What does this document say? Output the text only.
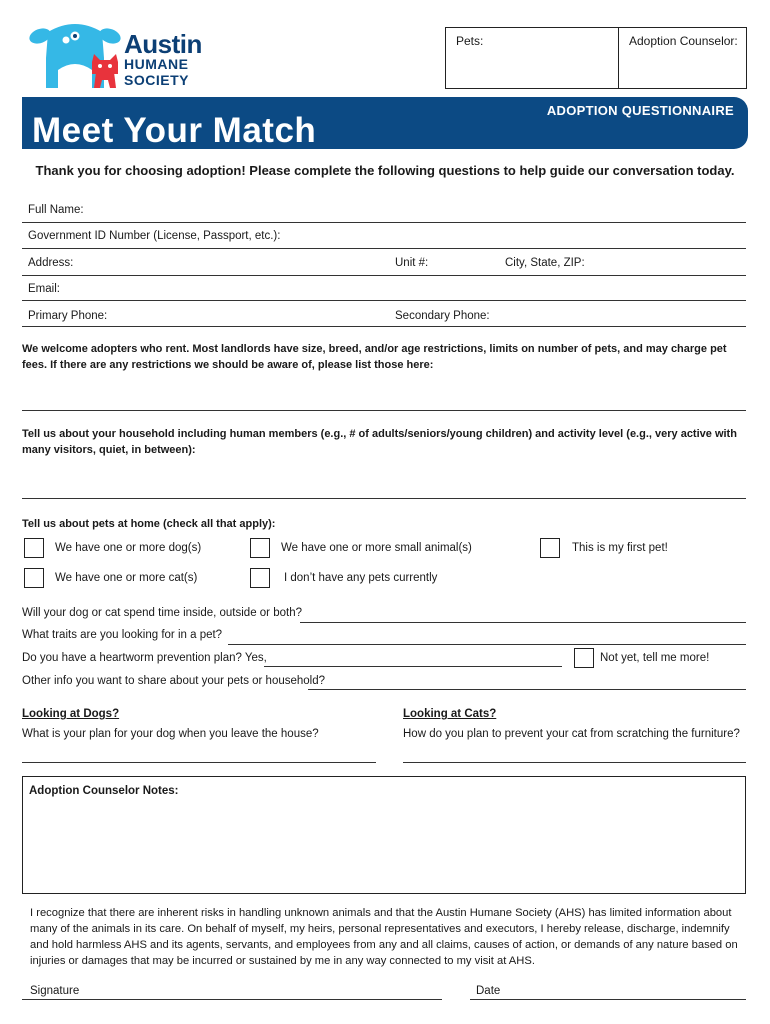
Austin
HUMANE
SOCIETY
Pets:	Adoption Counselor:
ADOPTION QUESTIONNAIRE
Meet Your Match
Thank you for choosing adoption! Please complete the following questions to help guide our conversation today.
Full Name:
Government ID Number (License, Passport, etc.):
Address:	Unit #:	City, State, ZIP:
Email:
Primary Phone:	Secondary Phone:
We welcome adopters who rent. Most landlords have size, breed, and/or age restrictions, limits on number of pets, and may charge pet fees. If there are any restrictions we should be aware of, please list those here:
Tell us about your household including human members (e.g., # of adults/seniors/young children) and activity level (e.g., very active with many visitors, quiet, in between):
Tell us about pets at home (check all that apply):
We have one or more dog(s)	We have one or more small animal(s)	This is my first pet!
We have one or more cat(s)	I don’t have any pets currently
Will your dog or cat spend time inside, outside or both?
What traits are you looking for in a pet?
Do you have a heartworm prevention plan? Yes,	Not yet, tell me more!
Other info you want to share about your pets or household?
Looking at Dogs?
What is your plan for your dog when you leave the house?
Looking at Cats?
How do you plan to prevent your cat from scratching the furniture?
Adoption Counselor Notes:
I recognize that there are inherent risks in handling unknown animals and that the Austin Humane Society (AHS) has limited information about many of the animals in its care. On behalf of myself, my heirs, personal representatives and executors, I hereby release, discharge, indemnify and hold harmless AHS and its agents, servants, and employees from any and all claims, causes of action, or demands of any nature based on injuries or damages that may be incurred or sustained by me in any way connected to my visit at AHS.
Signature	Date
